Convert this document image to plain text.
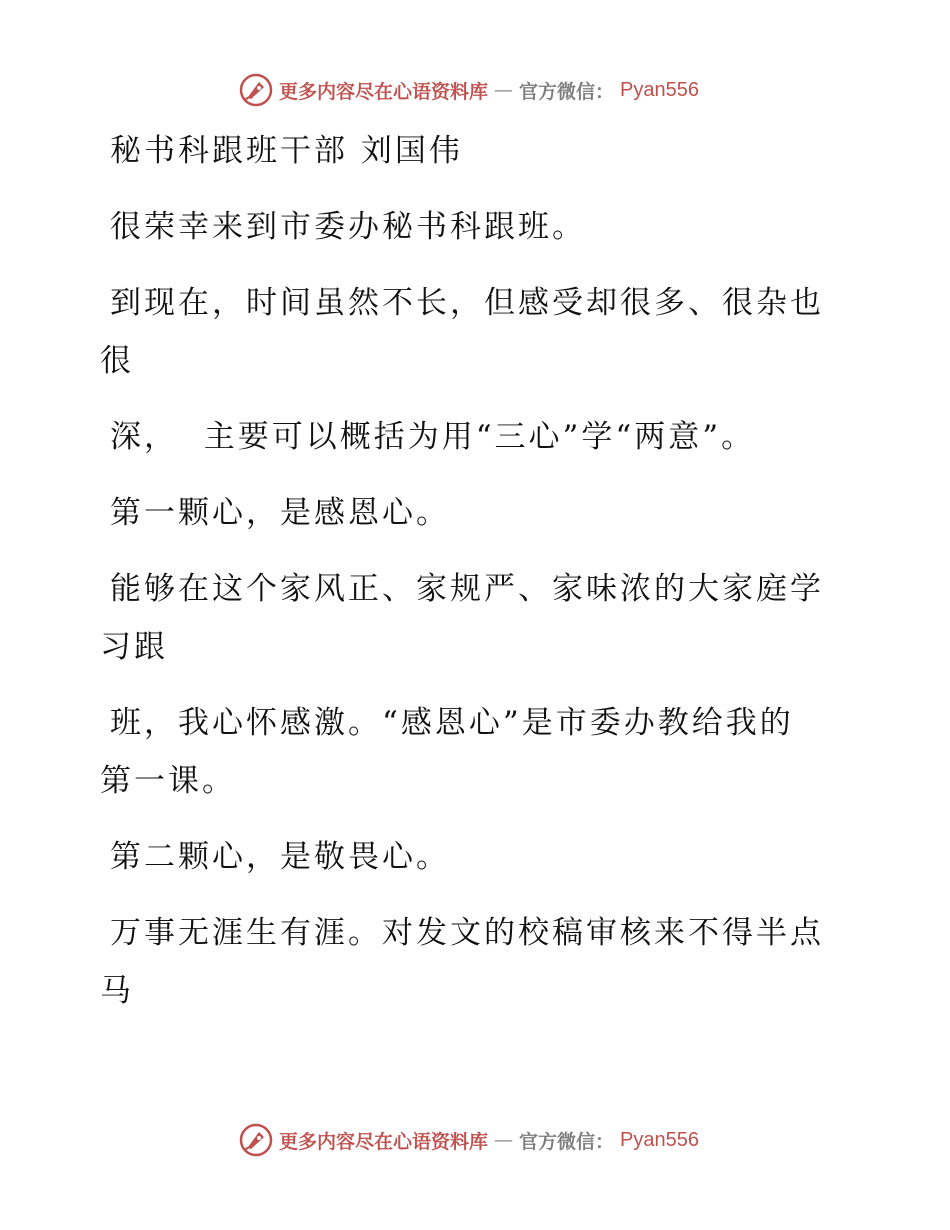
更多内容尽在心语资料库 — 官方微信： Pyan556
秘书科跟班干部 刘国伟
很荣幸来到市委办秘书科跟班。
到现在，时间虽然不长，但感受却很多、很杂也
很
深，  主要可以概括为用“三心”学“两意”。
第一颗心，是感恩心。
能够在这个家风正、家规严、家味浓的大家庭学
习跟
班，我心怀感激。“感恩心”是市委办教给我的
第一课。
第二颗心，是敬畏心。
万事无涯生有涯。对发文的校稿审核来不得半点
马
更多内容尽在心语资料库 — 官方微信： Pyan556
